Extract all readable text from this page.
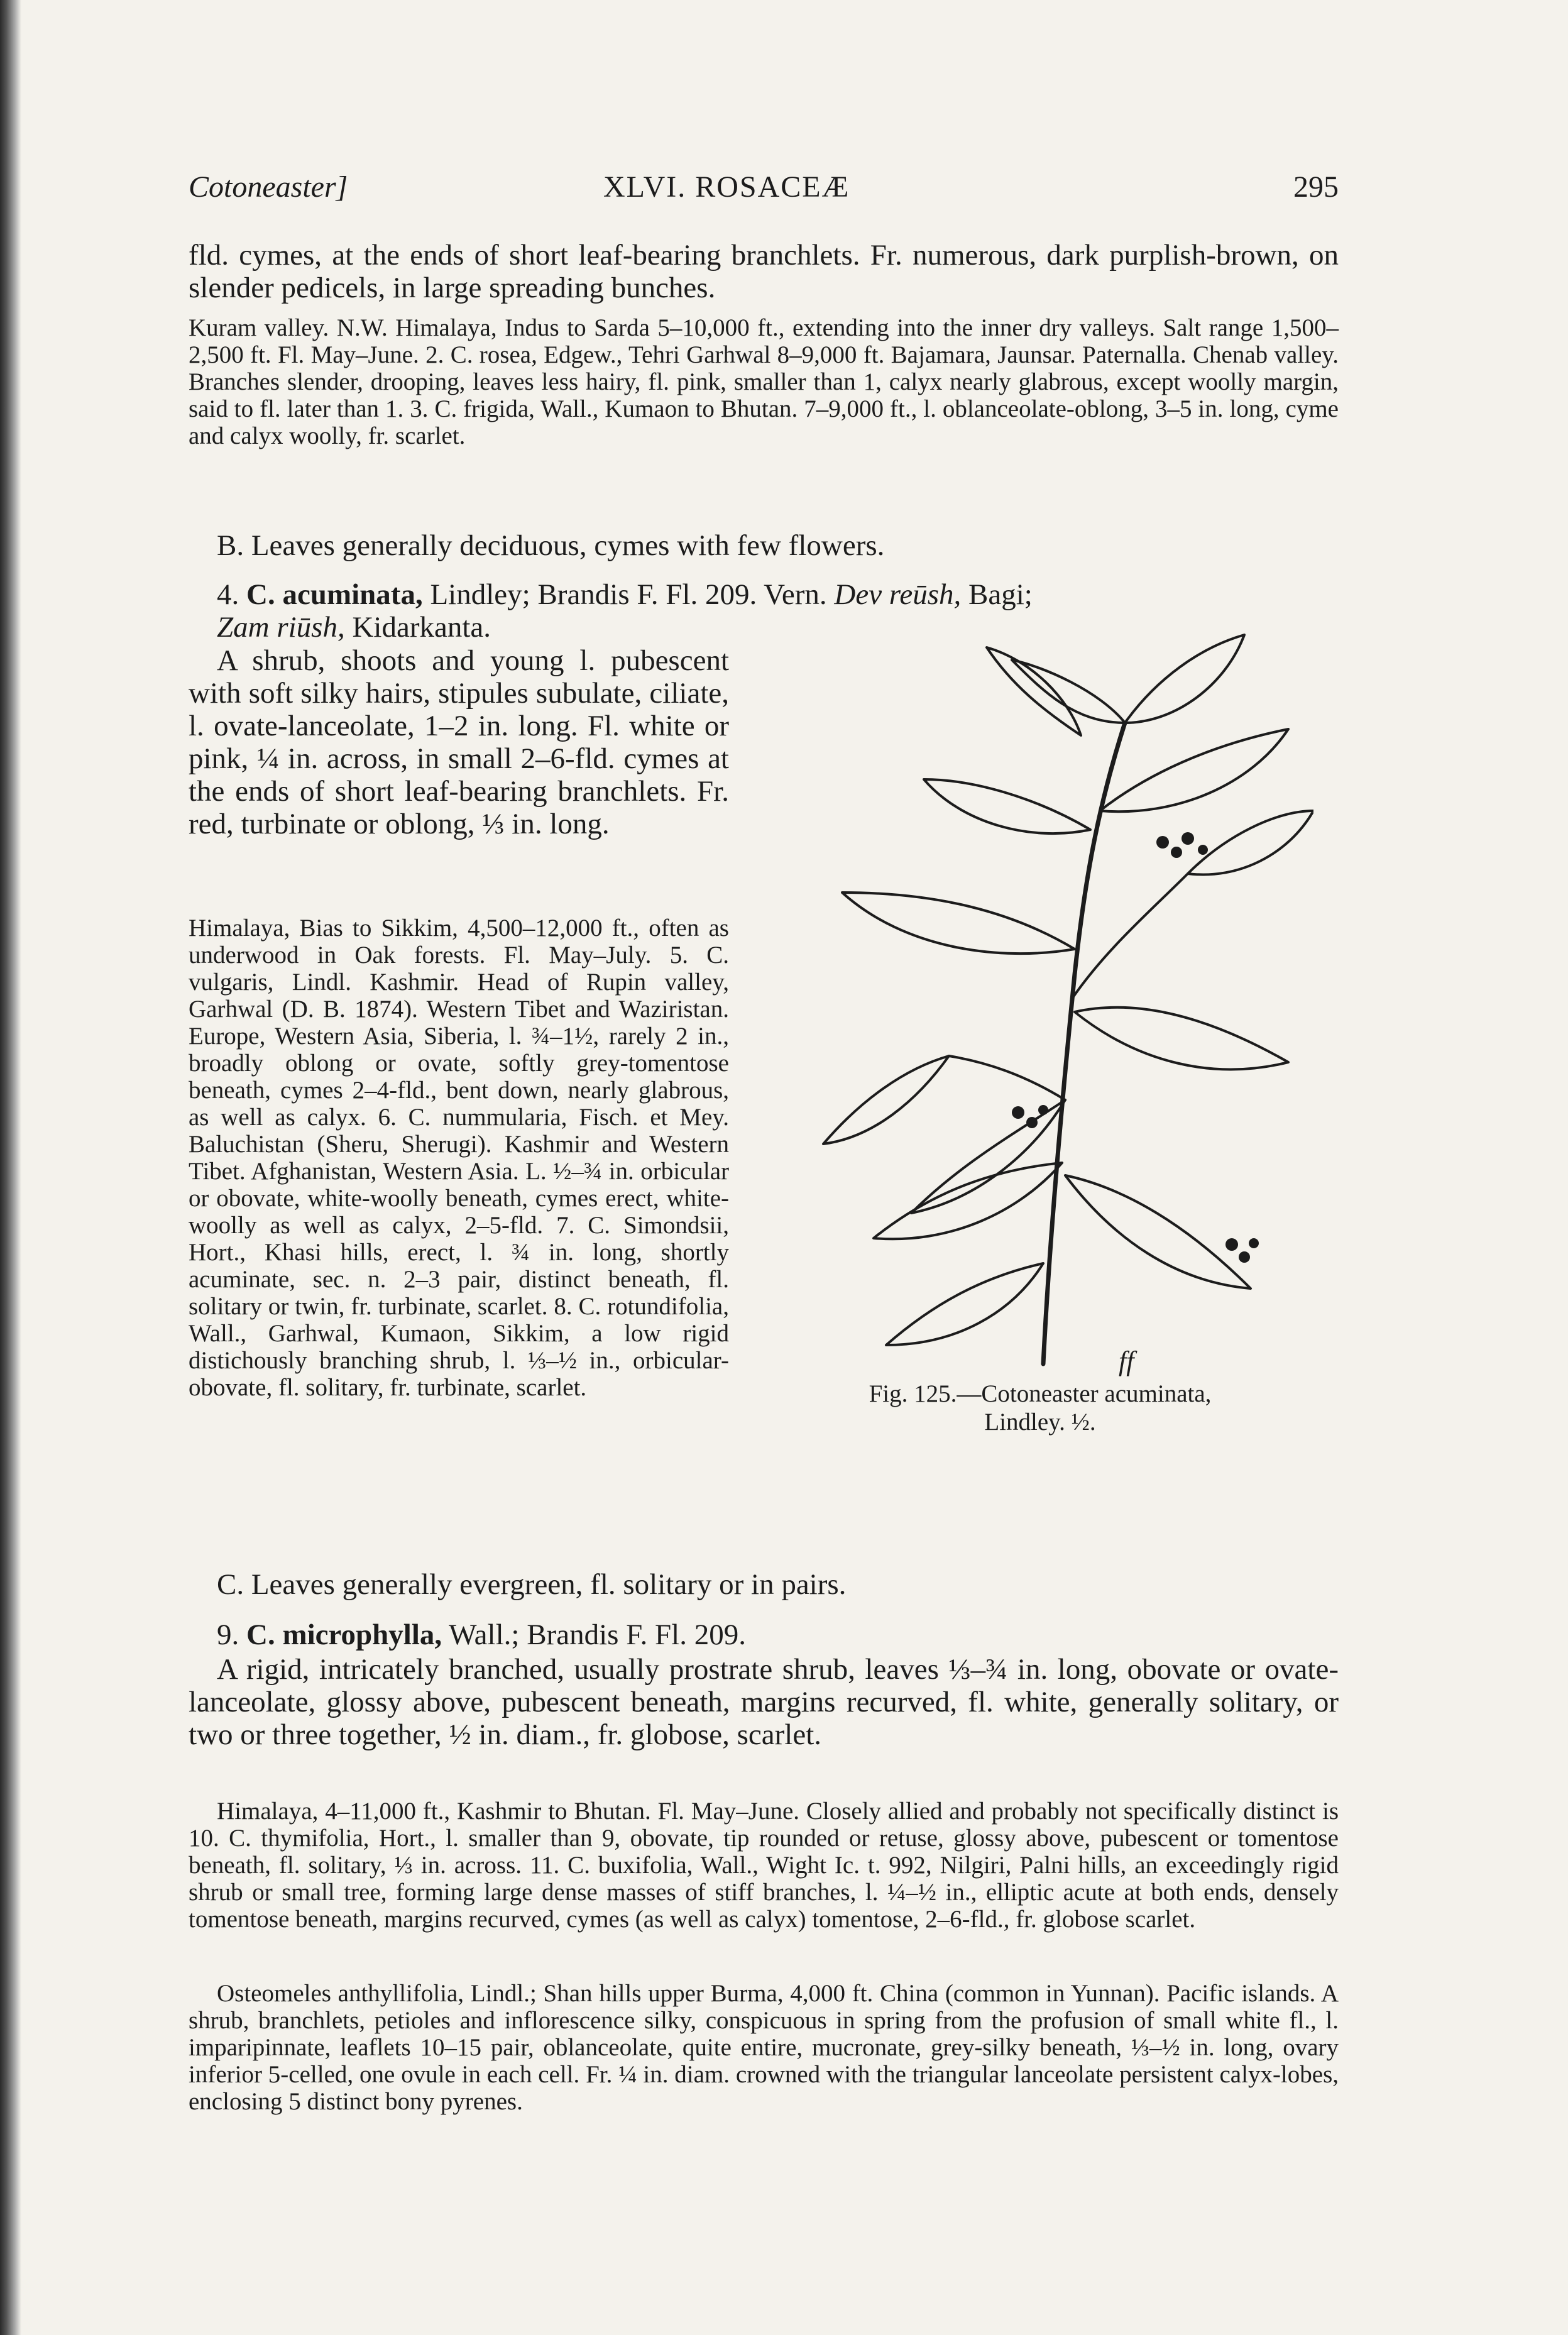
Cotoneaster]	XLVI. ROSACEÆ	295

fld. cymes, at the ends of short leaf-bearing branchlets. Fr. numerous, dark purplish-brown, on slender pedicels, in large spreading bunches.

Kuram valley. N.W. Himalaya, Indus to Sarda 5–10,000 ft., extending into the inner dry valleys. Salt range 1,500–2,500 ft. Fl. May–June. 2. C. rosea, Edgew., Tehri Garhwal 8–9,000 ft. Bajamara, Jaunsar. Paternalla. Chenab valley. Branches slender, drooping, leaves less hairy, fl. pink, smaller than 1, calyx nearly glabrous, except woolly margin, said to fl. later than 1. 3. C. frigida, Wall., Kumaon to Bhutan. 7–9,000 ft., l. oblanceolate-oblong, 3–5 in. long, cyme and calyx woolly, fr. scarlet.

B. Leaves generally deciduous, cymes with few flowers.

4. C. acuminata, Lindley; Brandis F. Fl. 209. Vern. Dev reūsh, Bagi;
Zam riūsh, Kidarkanta.

A shrub, shoots and young l. pubescent with soft silky hairs, stipules subulate, ciliate, l. ovate-lanceolate, 1–2 in. long. Fl. white or pink, ¼ in. across, in small 2–6-fld. cymes at the ends of short leaf-bearing branchlets. Fr. red, turbinate or oblong, ⅓ in. long.

Himalaya, Bias to Sikkim, 4,500–12,000 ft., often as underwood in Oak forests. Fl. May–July. 5. C. vulgaris, Lindl. Kashmir. Head of Rupin valley, Garhwal (D. B. 1874). Western Tibet and Waziristan. Europe, Western Asia, Siberia, l. ¾–1½, rarely 2 in., broadly oblong or ovate, softly grey-tomentose beneath, cymes 2–4-fld., bent down, nearly glabrous, as well as calyx. 6. C. nummularia, Fisch. et Mey. Baluchistan (Sheru, Sherugi). Kashmir and Western Tibet. Afghanistan, Western Asia. L. ½–¾ in. orbicular or obovate, white-woolly beneath, cymes erect, white-woolly as well as calyx, 2–5-fld. 7. C. Simondsii, Hort., Khasi hills, erect, l. ¾ in. long, shortly acuminate, sec. n. 2–3 pair, distinct beneath, fl. solitary or twin, fr. turbinate, scarlet. 8. C. rotundifolia, Wall., Garhwal, Kumaon, Sikkim, a low rigid distichously branching shrub, l. ⅓–½ in., orbicular-obovate, fl. solitary, fr. turbinate, scarlet.

ff

Fig. 125.—Cotoneaster acuminata,
Lindley. ½.

C. Leaves generally evergreen, fl. solitary or in pairs.

9. C. microphylla, Wall.; Brandis F. Fl. 209.

A rigid, intricately branched, usually prostrate shrub, leaves ⅓–¾ in. long, obovate or ovate-lanceolate, glossy above, pubescent beneath, margins recurved, fl. white, generally solitary, or two or three together, ½ in. diam., fr. globose, scarlet.

Himalaya, 4–11,000 ft., Kashmir to Bhutan. Fl. May–June. Closely allied and probably not specifically distinct is 10. C. thymifolia, Hort., l. smaller than 9, obovate, tip rounded or retuse, glossy above, pubescent or tomentose beneath, fl. solitary, ⅓ in. across. 11. C. buxifolia, Wall., Wight Ic. t. 992, Nilgiri, Palni hills, an exceedingly rigid shrub or small tree, forming large dense masses of stiff branches, l. ¼–½ in., elliptic acute at both ends, densely tomentose beneath, margins recurved, cymes (as well as calyx) tomentose, 2–6-fld., fr. globose scarlet.

Osteomeles anthyllifolia, Lindl.; Shan hills upper Burma, 4,000 ft. China (common in Yunnan). Pacific islands. A shrub, branchlets, petioles and inflorescence silky, conspicuous in spring from the profusion of small white fl., l. imparipinnate, leaflets 10–15 pair, oblanceolate, quite entire, mucronate, grey-silky beneath, ⅓–½ in. long, ovary inferior 5-celled, one ovule in each cell. Fr. ¼ in. diam. crowned with the triangular lanceolate persistent calyx-lobes, enclosing 5 distinct bony pyrenes.
